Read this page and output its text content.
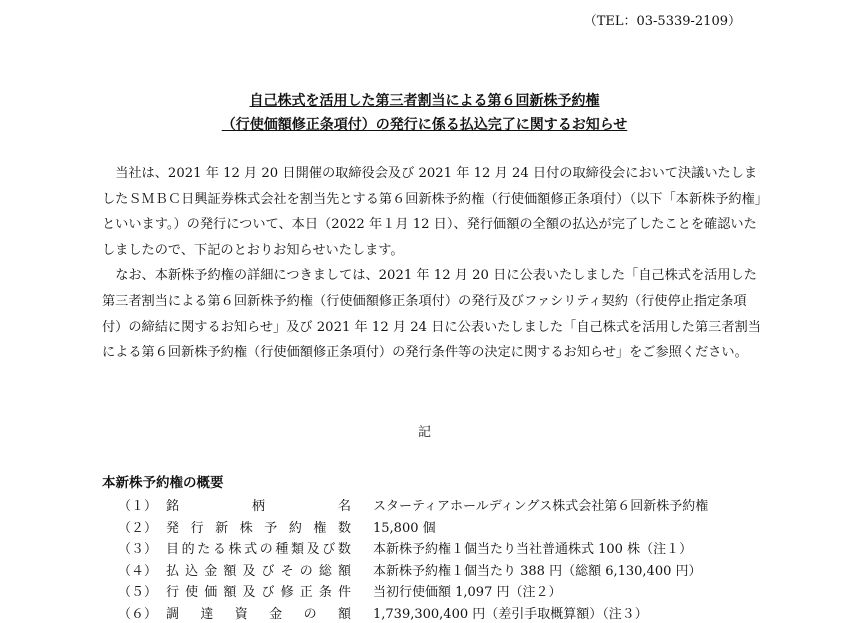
（TEL：03-5339-2109）
自己株式を活用した第三者割当による第６回新株予約権
（行使価額修正条項付）の発行に係る払込完了に関するお知らせ

当社は、2021 年 12 月 20 日開催の取締役会及び 2021 年 12 月 24 日付の取締役会において決議いたしましたＳＭＢＣ日興証券株式会社を割当先とする第６回新株予約権（行使価額修正条項付）（以下「本新株予約権」といいます。）の発行について、本日（2022 年１月 12 日）、発行価額の全額の払込が完了したことを確認いたしましたので、下記のとおりお知らせいたします。

なお、本新株予約権の詳細につきましては、2021 年 12 月 20 日に公表いたしました「自己株式を活用した第三者割当による第６回新株予約権（行使価額修正条項付）の発行及びファシリティ契約（行使停止指定条項付）の締結に関するお知らせ」及び 2021 年 12 月 24 日に公表いたしました「自己株式を活用した第三者割当による第６回新株予約権（行使価額修正条項付）の発行条件等の決定に関するお知らせ」をご参照ください。

記
本新株予約権の概要
（１） 銘	柄	名 スターティアホールディングス株式会社第６回新株予約権
（２） 発 行 新 株 予 約 権 数 15,800 個
（３） 目 的 た る 株 式 の 種 類 及 び 数 本新株予約権１個当たり当社普通株式 100 株（注１）
（４） 払 込 金 額 及 び そ の 総 額 本新株予約権１個当たり 388 円（総額 6,130,400 円）
（５） 行 使 価 額 及 び 修 正 条 件 当初行使価額 1,097 円（注２）
（６） 調 達 資 金 の 額 1,739,300,400 円（差引手取概算額）（注３）
